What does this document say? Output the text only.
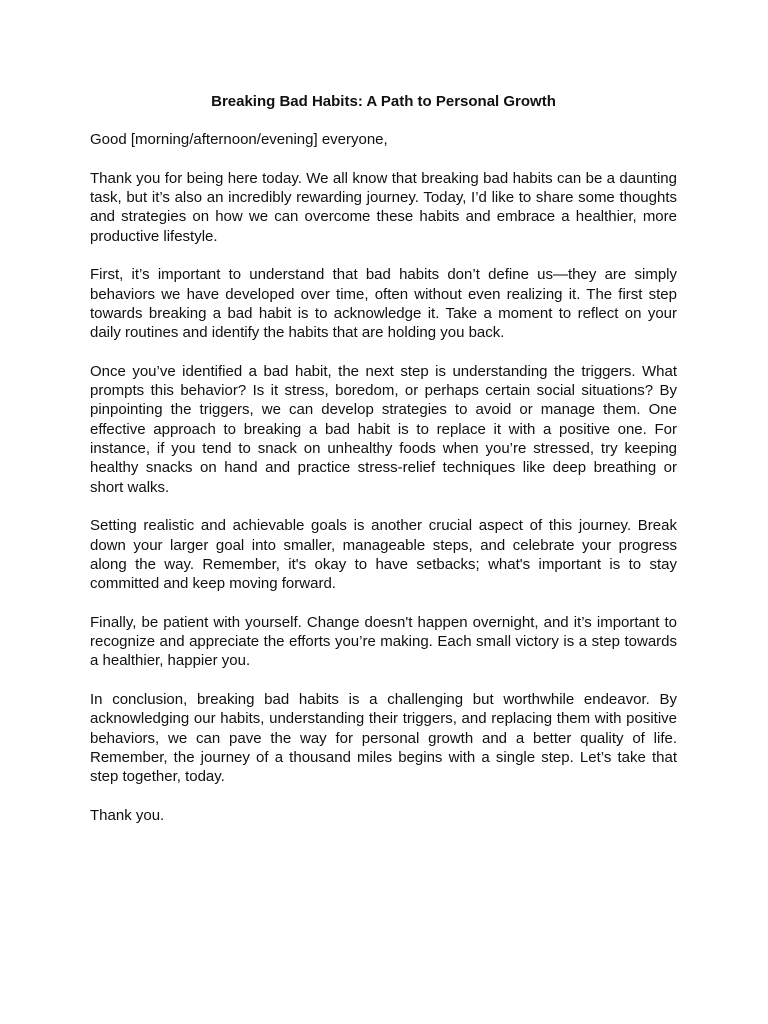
Breaking Bad Habits: A Path to Personal Growth

Good [morning/afternoon/evening] everyone,

Thank you for being here today. We all know that breaking bad habits can be a daunting task, but it’s also an incredibly rewarding journey. Today, I’d like to share some thoughts and strategies on how we can overcome these habits and embrace a healthier, more productive lifestyle.

First, it’s important to understand that bad habits don’t define us—they are simply behaviors we have developed over time, often without even realizing it. The first step towards breaking a bad habit is to acknowledge it. Take a moment to reflect on your daily routines and identify the habits that are holding you back.

Once you’ve identified a bad habit, the next step is understanding the triggers. What prompts this behavior? Is it stress, boredom, or perhaps certain social situations? By pinpointing the triggers, we can develop strategies to avoid or manage them. One effective approach to breaking a bad habit is to replace it with a positive one. For instance, if you tend to snack on unhealthy foods when you’re stressed, try keeping healthy snacks on hand and practice stress-relief techniques like deep breathing or short walks.

Setting realistic and achievable goals is another crucial aspect of this journey. Break down your larger goal into smaller, manageable steps, and celebrate your progress along the way. Remember, it's okay to have setbacks; what's important is to stay committed and keep moving forward.

Finally, be patient with yourself. Change doesn't happen overnight, and it’s important to recognize and appreciate the efforts you’re making. Each small victory is a step towards a healthier, happier you.

In conclusion, breaking bad habits is a challenging but worthwhile endeavor. By acknowledging our habits, understanding their triggers, and replacing them with positive behaviors, we can pave the way for personal growth and a better quality of life. Remember, the journey of a thousand miles begins with a single step. Let’s take that step together, today.

Thank you.
